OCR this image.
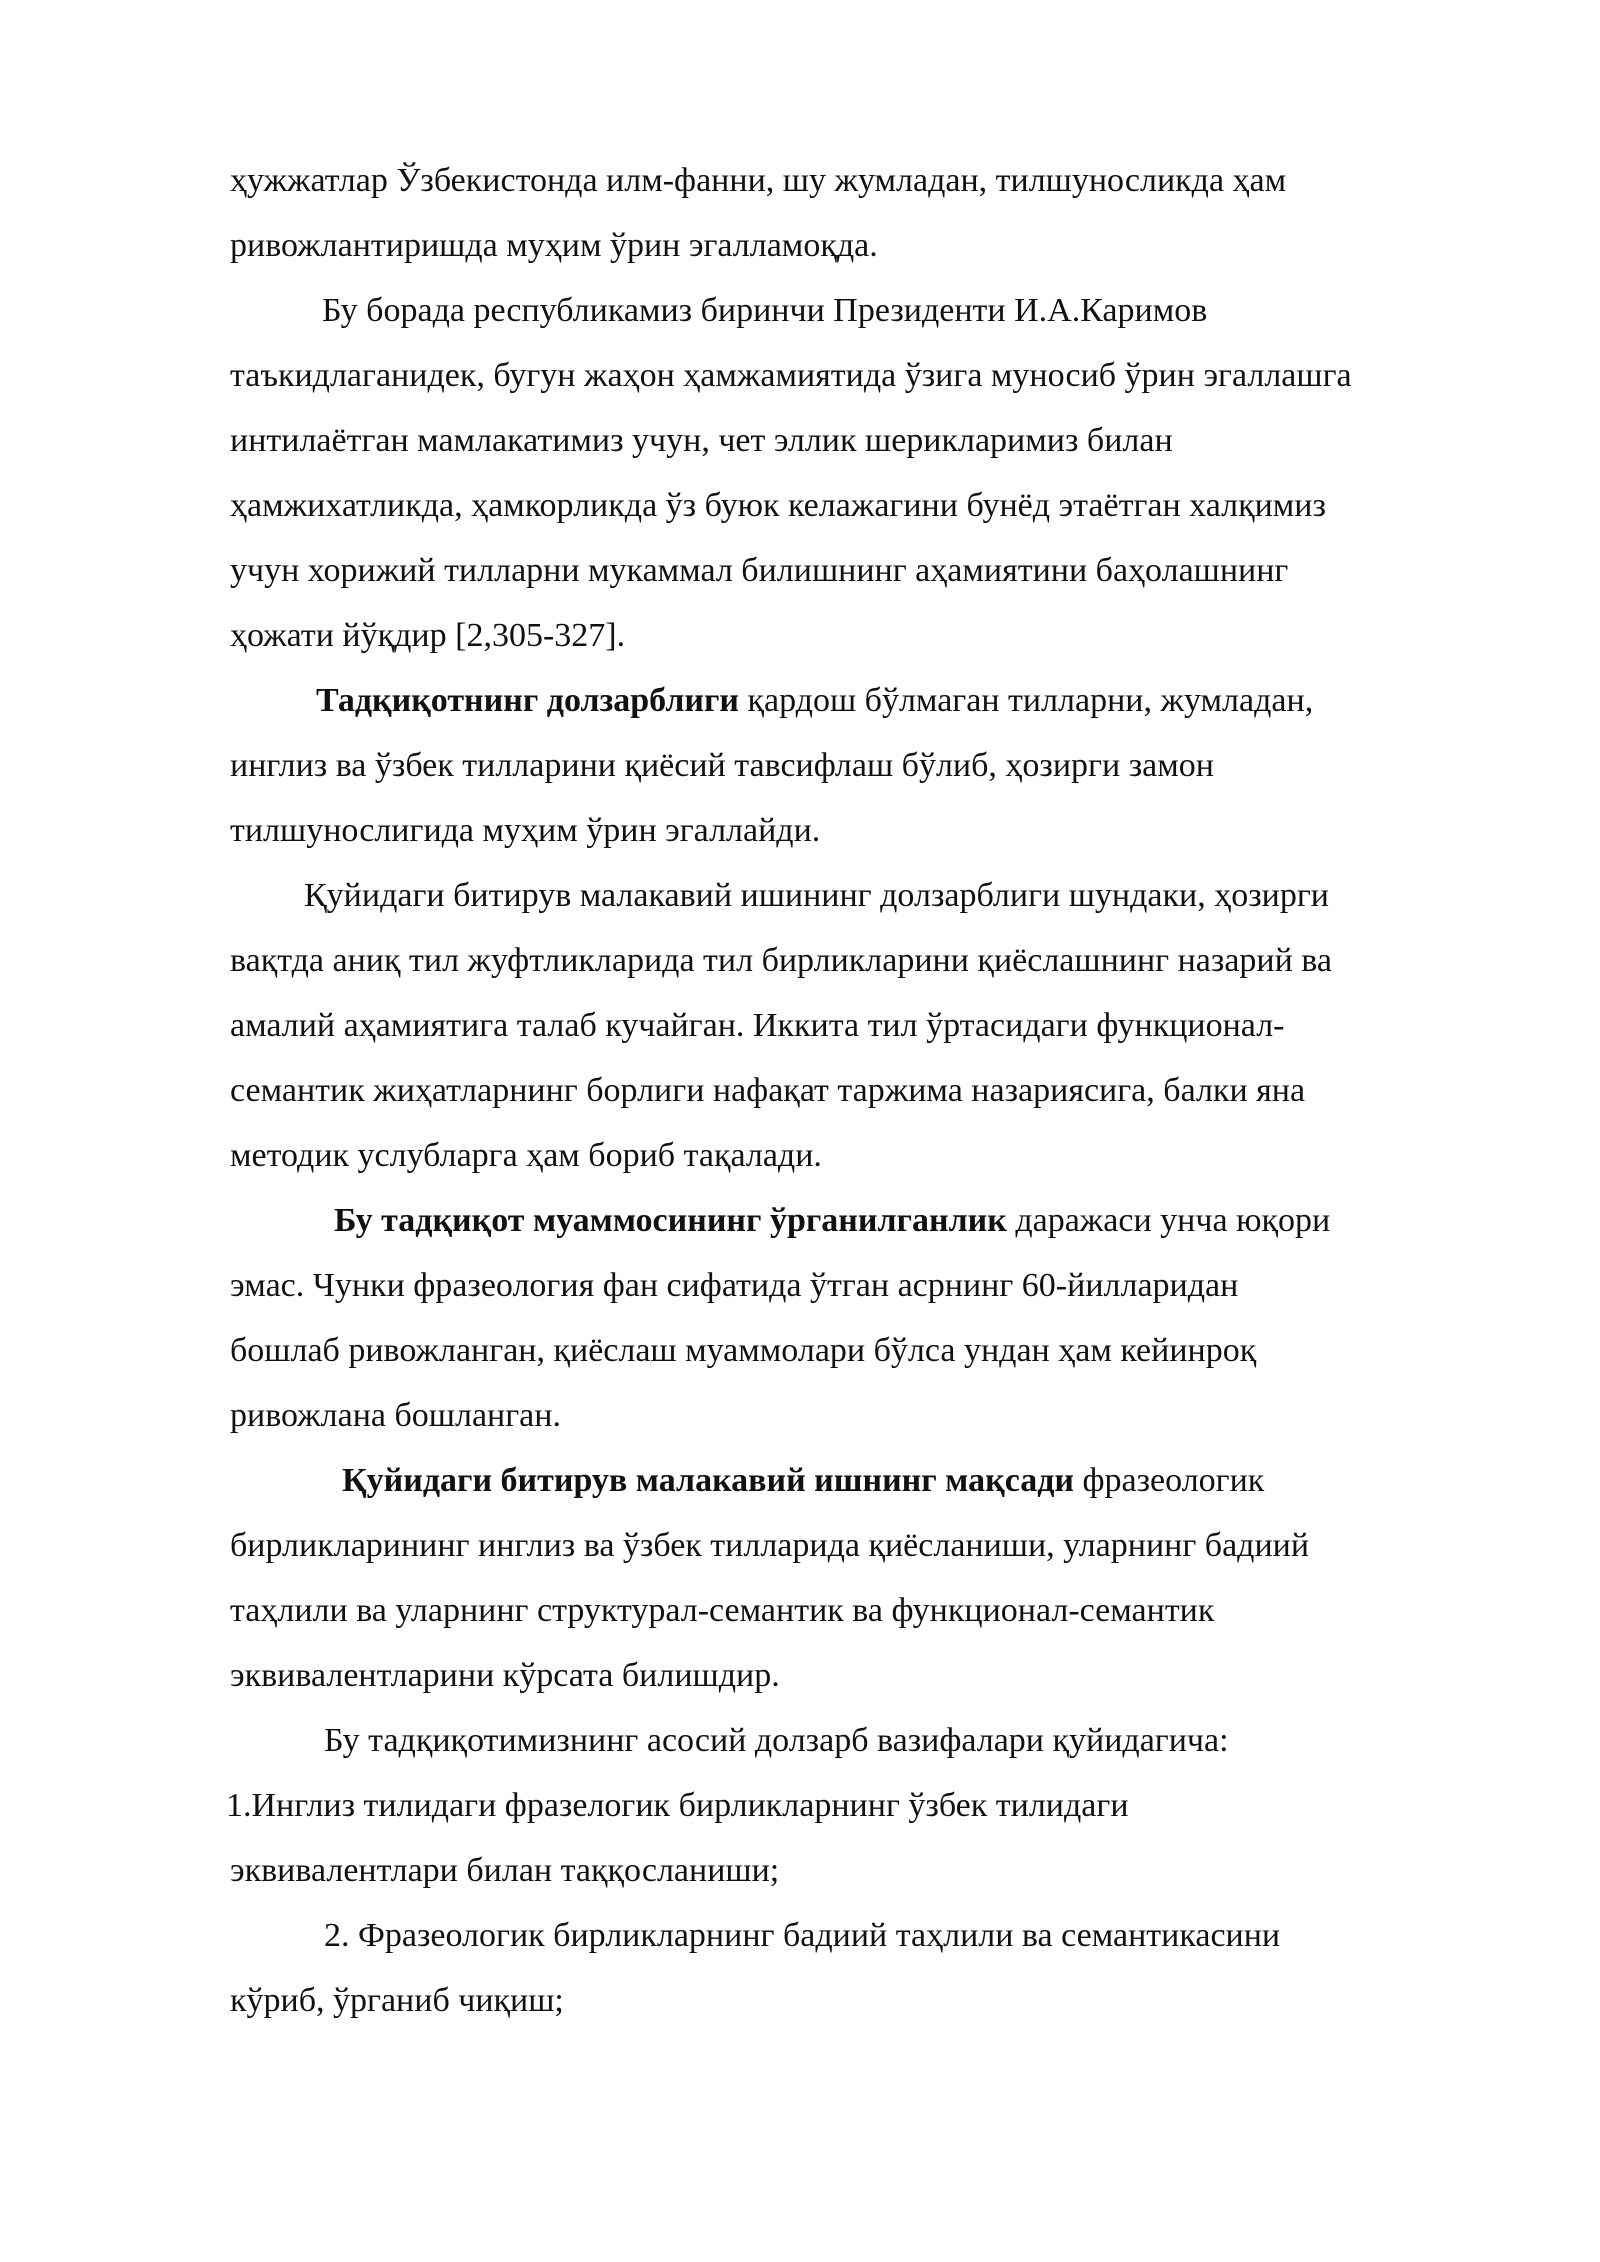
ҳужжатлар Ўзбекистонда илм-фанни, шу жумладан, тилшуносликда ҳам
ривожлантиришда муҳим ўрин эгалламоқда.
Бу борада республикамиз биринчи Президенти И.А.Каримов
таъкидлаганидек, бугун жаҳон ҳамжамиятида ўзига муносиб ўрин эгаллашга
интилаётган мамлакатимиз учун, чет эллик шерикларимиз билан
ҳамжихатликда, ҳамкорликда ўз буюк келажагини бунёд этаётган халқимиз
учун хорижий тилларни мукаммал билишнинг аҳамиятини баҳолашнинг
ҳожати йўқдир [2,305-327].
Тадқиқотнинг долзарблиги қардош бўлмаган тилларни, жумладан,
инглиз ва ўзбек тилларини қиёсий тавсифлаш бўлиб, ҳозирги замон
тилшунослигида муҳим ўрин эгаллайди.
Қуйидаги битирув малакавий ишининг долзарблиги шундаки, ҳозирги
вақтда аниқ тил жуфтликларида тил бирликларини қиёслашнинг назарий ва
амалий аҳамиятига талаб кучайган. Иккита тил ўртасидаги функционал-
семантик жиҳатларнинг борлиги нафақат таржима назариясига, балки яна
методик услубларга ҳам бориб тақалади.
Бу тадқиқот муаммосининг ўрганилганлик даражаси унча юқори
эмас. Чунки фразеология фан сифатида ўтган асрнинг 60-йилларидан
бошлаб ривожланган, қиёслаш муаммолари бўлса ундан ҳам кейинроқ
ривожлана бошланган.
Қуйидаги битирув малакавий ишнинг мақсади фразеологик
бирликларининг инглиз ва ўзбек тилларида қиёсланиши, уларнинг бадиий
таҳлили ва уларнинг структурал-семантик ва функционал-семантик
эквивалентларини кўрсата билишдир.
Бу тадқиқотимизнинг асосий долзарб вазифалари қуйидагича:
1.Инглиз тилидаги фразелогик бирликларнинг ўзбек тилидаги
эквивалентлари билан таққосланиши;
2. Фразеологик бирликларнинг бадиий таҳлили ва семантикасини
кўриб, ўрганиб чиқиш;
